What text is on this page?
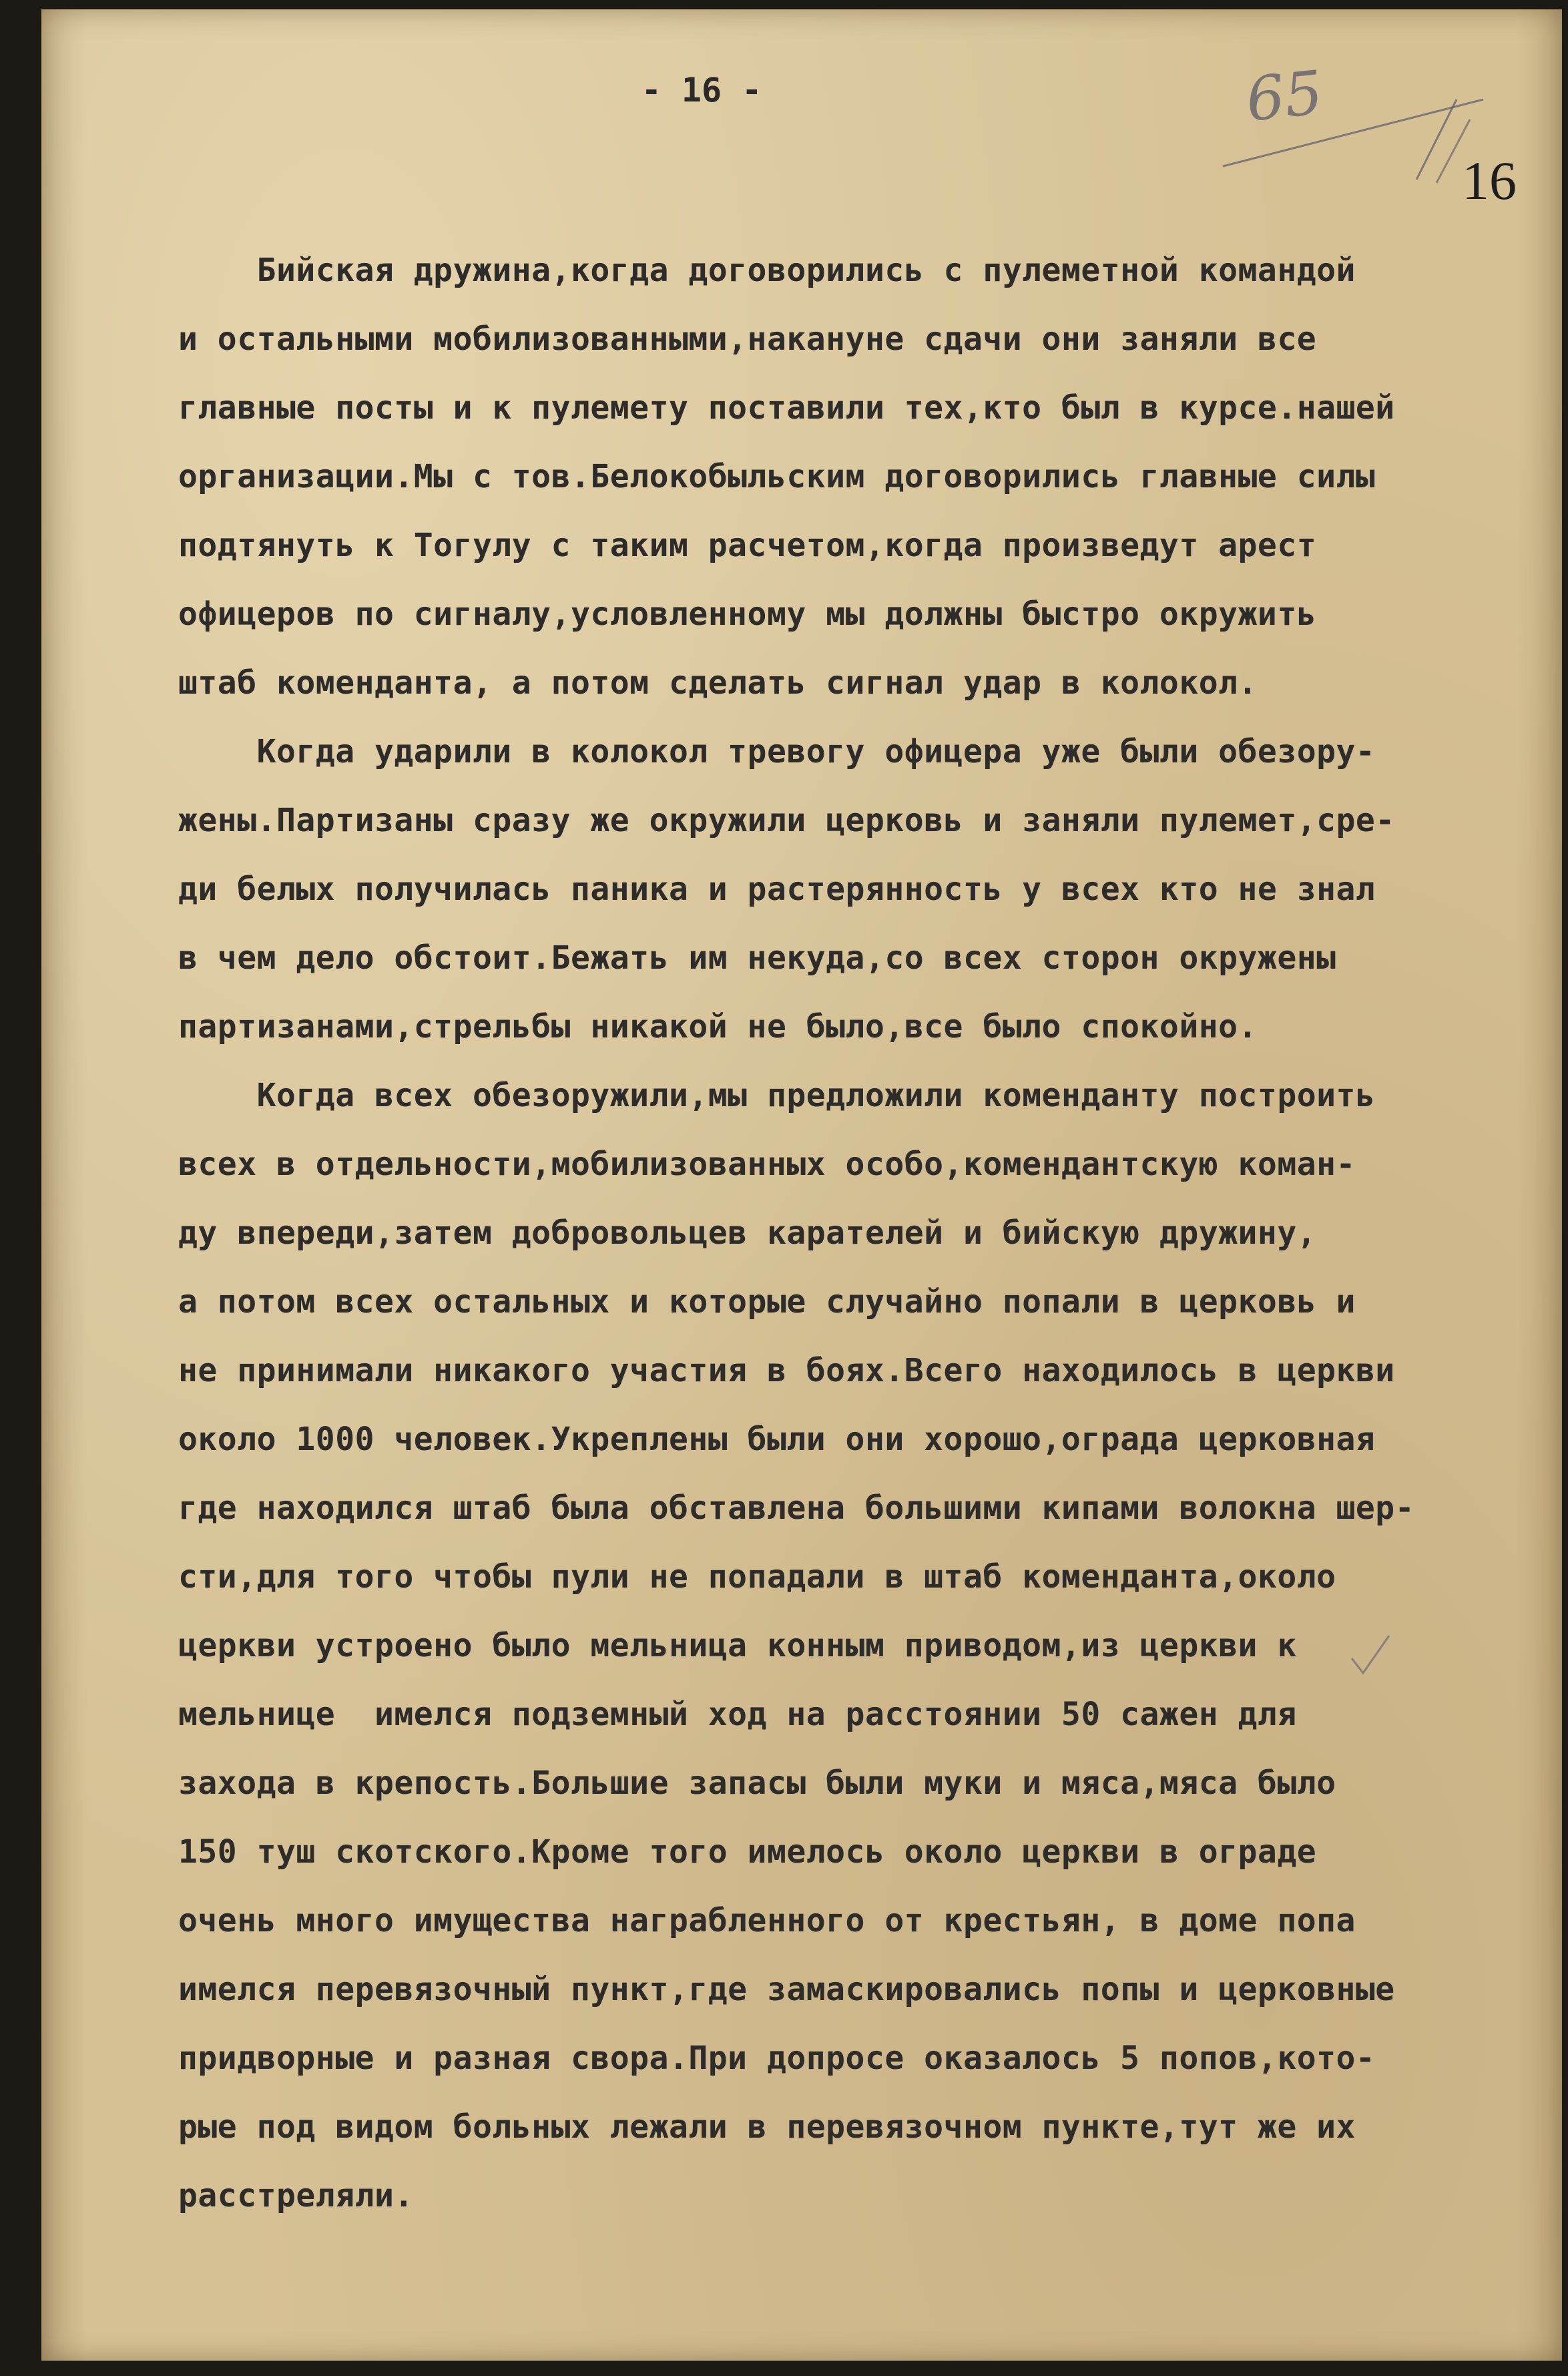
- 16 -	65
16
Бийская дружина,когда договорились с пулеметной командой
и остальными мобилизованными,накануне сдачи они заняли все
главные посты и к пулемету поставили тех,кто был в курсе.нашей
организации.Мы с тов.Белокобыльским договорились главные силы
подтянуть к Тогулу с таким расчетом,когда произведут арест
офицеров по сигналу,условленному мы должны быстро окружить
штаб коменданта, а потом сделать сигнал удар в колокол.
Когда ударили в колокол тревогу офицера уже были обезору-
жены.Партизаны сразу же окружили церковь и заняли пулемет,сре-
ди белых получилась паника и растерянность у всех кто не знал
в чем дело обстоит.Бежать им некуда,со всех сторон окружены
партизанами,стрельбы никакой не было,все было спокойно.
Когда всех обезоружили,мы предложили коменданту построить
всех в отдельности,мобилизованных особо,комендантскую коман-
ду впереди,затем добровольцев карателей и бийскую дружину,
а потом всех остальных и которые случайно попали в церковь и
не принимали никакого участия в боях.Всего находилось в церкви
около 1000 человек.Укреплены были они хорошо,ограда церковная
где находился штаб была обставлена большими кипами волокна шер-
сти,для того чтобы пули не попадали в штаб коменданта,около
церкви устроено было мельница конным приводом,из церкви к
мельнице  имелся подземный ход на расстоянии 50 сажен для
захода в крепость.Большие запасы были муки и мяса,мяса было
150 туш скотского.Кроме того имелось около церкви в ограде
очень много имущества награбленного от крестьян, в доме попа
имелся перевязочный пункт,где замаскировались попы и церковные
придворные и разная свора.При допросе оказалось 5 попов,кото-
рые под видом больных лежали в перевязочном пункте,тут же их
расстреляли.
